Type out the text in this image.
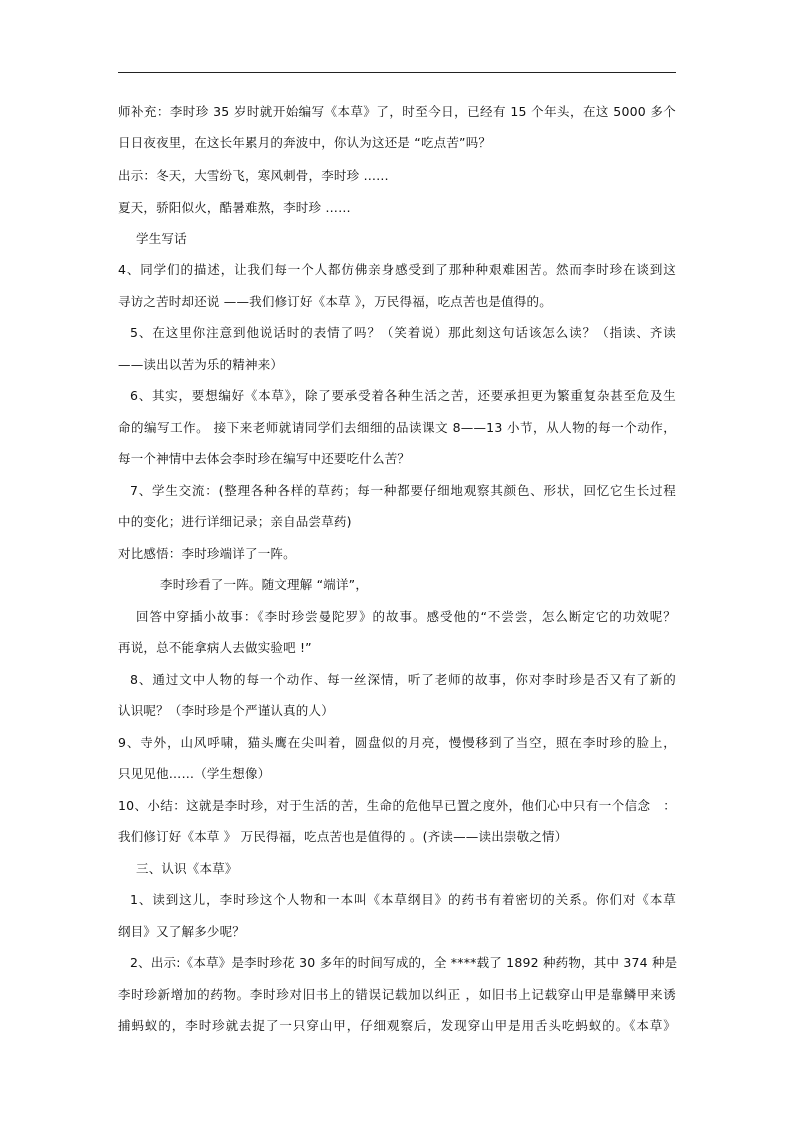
师补充：李时珍 35 岁时就开始编写《本草》了，时至今日，已经有 15 个年头，在这 5000 多个
日日夜夜里，在这长年累月的奔波中，你认为这还是 “吃点苦”吗？
出示：冬天，大雪纷飞，寒风刺骨，李时珍 ……
夏天，骄阳似火，酷暑难熬，李时珍 ……
学生写话
4、同学们的描述，让我们每一个人都仿佛亲身感受到了那种种艰难困苦。然而李时珍在谈到这
寻访之苦时却还说 ——我们修订好《本草 》，万民得福，吃点苦也是值得的。
5、在这里你注意到他说话时的表情了吗？（笑着说）那此刻这句话该怎么读？（指读、齐读
——读出以苦为乐的精神来）
6、其实，要想编好《本草》，除了要承受着各种生活之苦，还要承担更为繁重复杂甚至危及生
命的编写工作。 接下来老师就请同学们去细细的品读课文 8——13 小节，从人物的每一个动作，
每一个神情中去体会李时珍在编写中还要吃什么苦？
7、学生交流：(整理各种各样的草药；每一种都要仔细地观察其颜色、形状，回忆它生长过程
中的变化；进行详细记录；亲自品尝草药)
对比感悟：李时珍端详了一阵。
李时珍看了一阵。随文理解 “端详”，
回答中穿插小故事：《李时珍尝曼陀罗》的故事。感受他的“不尝尝，怎么断定它的功效呢？
再说，总不能拿病人去做实验吧 !”
8、通过文中人物的每一个动作、每一丝深情，听了老师的故事，你对李时珍是否又有了新的
认识呢？（李时珍是个严谨认真的人）
9、寺外，山风呼啸，猫头鹰在尖叫着，圆盘似的月亮，慢慢移到了当空，照在李时珍的脸上，
只见见他……（学生想像）
10、小结：这就是李时珍，对于生活的苦，生命的危他早已置之度外，他们心中只有一个信念　：
我们修订好《本草 》 万民得福，吃点苦也是值得的 。(齐读——读出崇敬之情）
三、认识《本草》
1、读到这儿，李时珍这个人物和一本叫《本草纲目》的药书有着密切的关系。你们对《本草
纲目》又了解多少呢？
2、出示:《本草》是李时珍花 30 多年的时间写成的，全 ****载了 1892 种药物，其中 374 种是
李时珍新增加的药物。李时珍对旧书上的错误记载加以纠正 ，如旧书上记载穿山甲是靠鳞甲来诱
捕蚂蚁的，李时珍就去捉了一只穿山甲，仔细观察后，发现穿山甲是用舌头吃蚂蚁的。《本草》
